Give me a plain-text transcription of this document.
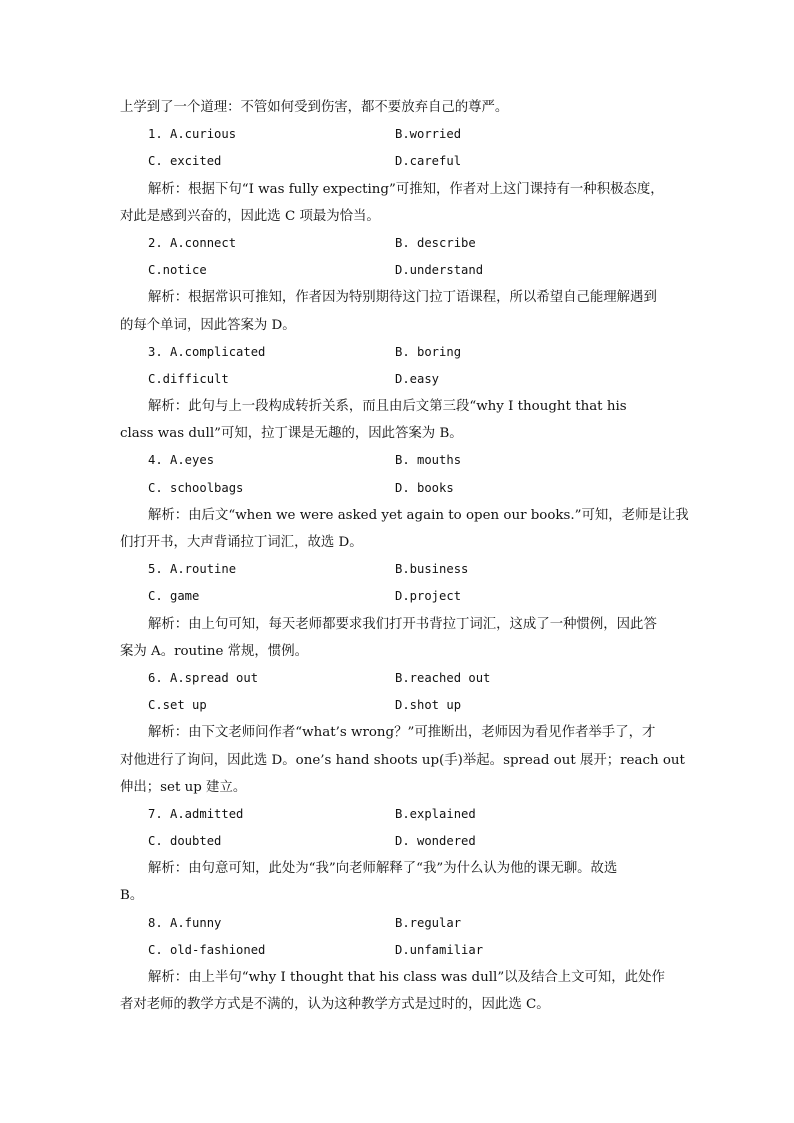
上学到了一个道理：不管如何受到伤害，都不要放弃自己的尊严。
1. A.curious	B.worried
C. excited	D.careful
解析：根据下句“I was fully expecting”可推知，作者对上这门课持有一种积极态度，
对此是感到兴奋的，因此选 C 项最为恰当。
2. A.connect	B. describe
C.notice	D.understand
解析：根据常识可推知，作者因为特别期待这门拉丁语课程，所以希望自己能理解遇到
的每个单词，因此答案为 D。
3. A.complicated	B. boring
C.difficult	D.easy
解析：此句与上一段构成转折关系，而且由后文第三段“why I thought that his
class was dull”可知，拉丁课是无趣的，因此答案为 B。
4. A.eyes	B. mouths
C. schoolbags	D. books
解析：由后文“when we were asked yet again to open our books.”可知，老师是让我
们打开书，大声背诵拉丁词汇，故选 D。
5. A.routine	B.business
C. game	D.project
解析：由上句可知，每天老师都要求我们打开书背拉丁词汇，这成了一种惯例，因此答
案为 A。routine 常规，惯例。
6. A.spread out	B.reached out
C.set up	D.shot up
解析：由下文老师问作者“what’s wrong？”可推断出，老师因为看见作者举手了，才
对他进行了询问，因此选 D。one’s hand shoots up(手)举起。spread out 展开；reach out
伸出；set up 建立。
7. A.admitted	B.explained
C. doubted	D. wondered
解析：由句意可知，此处为“我”向老师解释了“我”为什么认为他的课无聊。故选
B。
8. A.funny	B.regular
C. old-fashioned	D.unfamiliar
解析：由上半句“why I thought that his class was dull”以及结合上文可知，此处作
者对老师的教学方式是不满的，认为这种教学方式是过时的，因此选 C。
